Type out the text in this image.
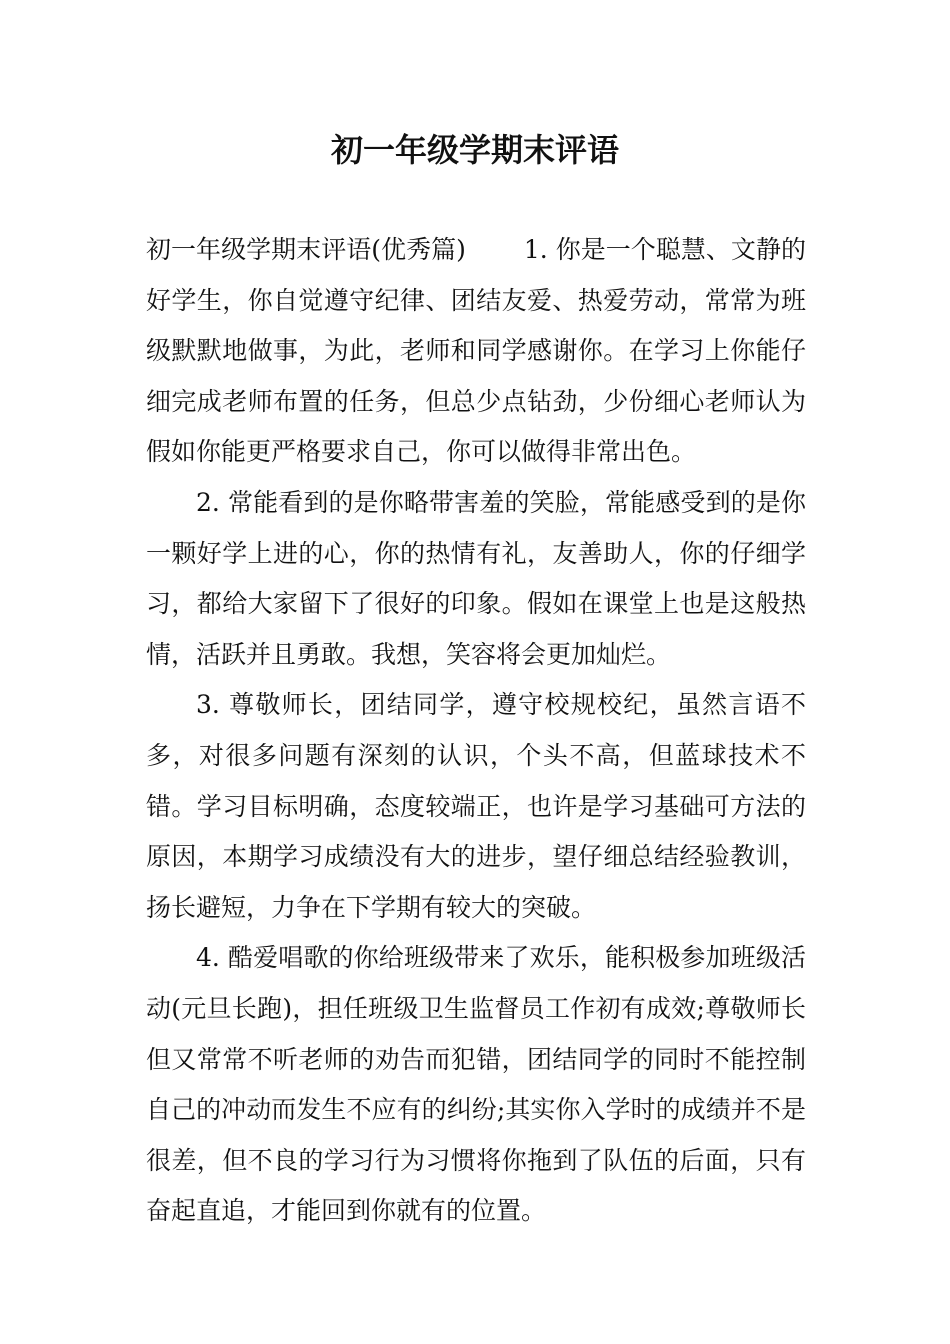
初一年级学期末评语

初一年级学期末评语(优秀篇) 1. 你是一个聪慧、文静的好学生，你自觉遵守纪律、团结友爱、热爱劳动，常常为班级默默地做事，为此，老师和同学感谢你。在学习上你能仔细完成老师布置的任务，但总少点钻劲，少份细心老师认为假如你能更严格要求自己，你可以做得非常出色。

2. 常能看到的是你略带害羞的笑脸，常能感受到的是你一颗好学上进的心，你的热情有礼，友善助人，你的仔细学习，都给大家留下了很好的印象。假如在课堂上也是这般热情，活跃并且勇敢。我想，笑容将会更加灿烂。

3. 尊敬师长，团结同学，遵守校规校纪，虽然言语不多，对很多问题有深刻的认识，个头不高，但蓝球技术不错。学习目标明确，态度较端正，也许是学习基础可方法的原因，本期学习成绩没有大的进步，望仔细总结经验教训，扬长避短，力争在下学期有较大的突破。

4. 酷爱唱歌的你给班级带来了欢乐，能积极参加班级活动(元旦长跑)，担任班级卫生监督员工作初有成效;尊敬师长但又常常不听老师的劝告而犯错，团结同学的同时不能控制自己的冲动而发生不应有的纠纷;其实你入学时的成绩并不是很差，但不良的学习行为习惯将你拖到了队伍的后面，只有奋起直追，才能回到你就有的位置。
